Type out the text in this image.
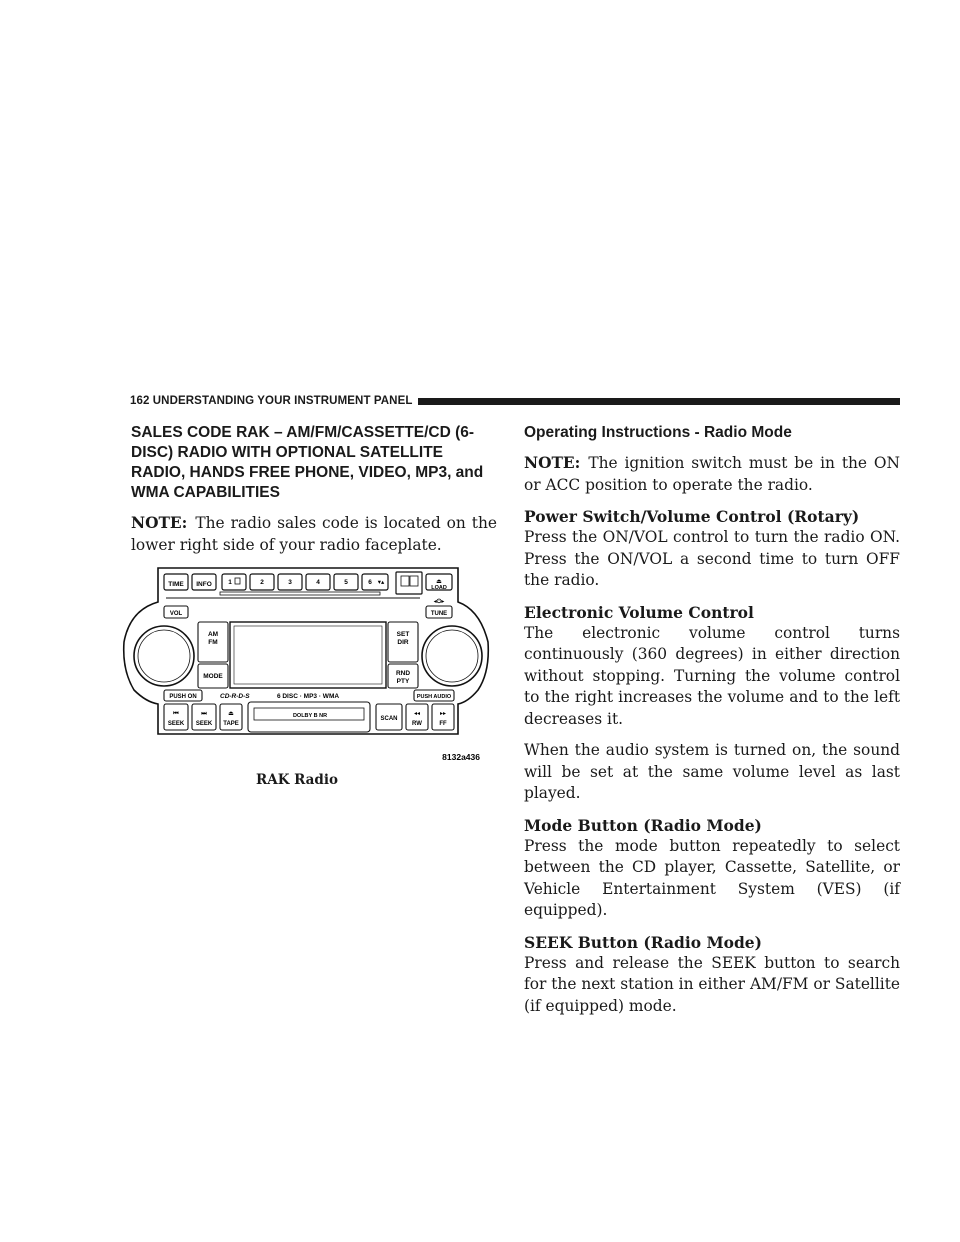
162 UNDERSTANDING YOUR INSTRUMENT PANEL
SALES CODE RAK – AM/FM/CASSETTE/CD (6-DISC) RADIO WITH OPTIONAL SATELLITE RADIO, HANDS FREE PHONE, VIDEO, MP3, and WMA CAPABILITIES

NOTE: The radio sales code is located on the lower right side of your radio faceplate.

TIME INFO	1	2	3	4	5	6 ▾▴	⏏
LOAD
VOL	TUNE
◂⏻▸
AM
FM
MODE
SET
DIR
RND
PTY
PUSH ON	CD-R-D-S	6 DISC · MP3 · WMA	PUSH AUDIO
⏮
SEEK
⏭
SEEK
⏏
TAPE
DOLBY B NR	SCAN
◂◂
RW
▸▸
FF
8132a436
RAK Radio
Operating Instructions - Radio Mode

NOTE: The ignition switch must be in the ON or ACC position to operate the radio.

Power Switch/Volume Control (Rotary)

Press the ON/VOL control to turn the radio ON. Press the ON/VOL a second time to turn OFF the radio.

Electronic Volume Control

The electronic volume control turns continuously (360 degrees) in either direction without stopping. Turning the volume control to the right increases the volume and to the left decreases it.

When the audio system is turned on, the sound will be set at the same volume level as last played.

Mode Button (Radio Mode)

Press the mode button repeatedly to select between the CD player, Cassette, Satellite, or Vehicle Entertainment System (VES) (if equipped).

SEEK Button (Radio Mode)

Press and release the SEEK button to search for the next station in either AM/FM or Satellite (if equipped) mode.
